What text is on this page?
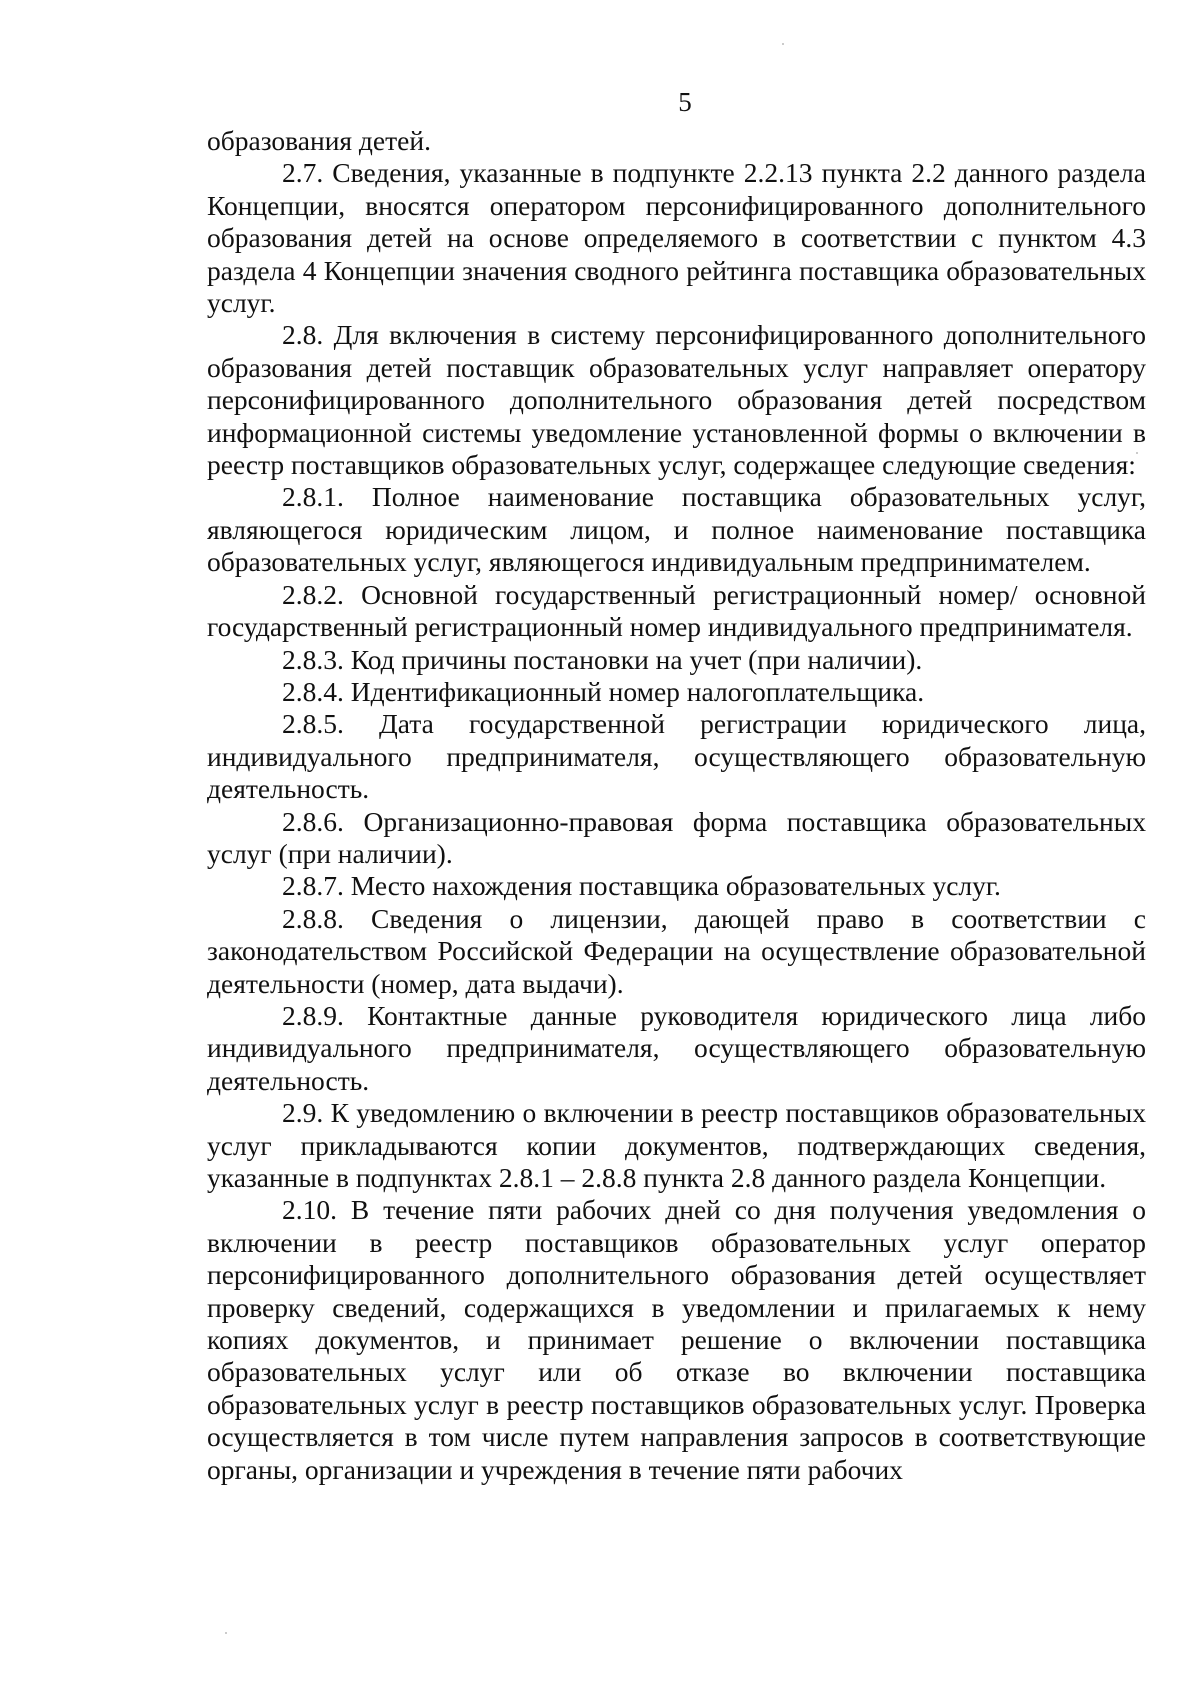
5

образования детей.

2.7. Сведения, указанные в подпункте 2.2.13 пункта 2.2 данного раздела Концепции, вносятся оператором персонифицированного дополнительного образования детей на основе определяемого в соответствии с пунктом 4.3 раздела 4 Концепции значения сводного рейтинга поставщика образовательных услуг.

2.8. Для включения в систему персонифицированного дополнительного образования детей поставщик образовательных услуг направляет оператору персонифицированного дополнительного образования детей посредством информационной системы уведомление установленной формы о включении в реестр поставщиков образовательных услуг, содержащее следующие сведения:

2.8.1. Полное наименование поставщика образовательных услуг, являющегося юридическим лицом, и полное наименование поставщика образовательных услуг, являющегося индивидуальным предпринимателем.

2.8.2. Основной государственный регистрационный номер/ основной государственный регистрационный номер индивидуального предпринимателя.

2.8.3. Код причины постановки на учет (при наличии).

2.8.4. Идентификационный номер налогоплательщика.

2.8.5. Дата государственной регистрации юридического лица, индивидуального предпринимателя, осуществляющего образовательную деятельность.

2.8.6. Организационно-правовая форма поставщика образовательных услуг (при наличии).

2.8.7. Место нахождения поставщика образовательных услуг.

2.8.8. Сведения о лицензии, дающей право в соответствии с законодательством Российской Федерации на осуществление образовательной деятельности (номер, дата выдачи).

2.8.9. Контактные данные руководителя юридического лица либо индивидуального предпринимателя, осуществляющего образовательную деятельность.

2.9. К уведомлению о включении в реестр поставщиков образовательных услуг прикладываются копии документов, подтверждающих сведения, указанные в подпунктах 2.8.1 – 2.8.8 пункта 2.8 данного раздела Концепции.

2.10. В течение пяти рабочих дней со дня получения уведомления о включении в реестр поставщиков образовательных услуг оператор персонифицированного дополнительного образования детей осуществляет проверку сведений, содержащихся в уведомлении и прилагаемых к нему копиях документов, и принимает решение о включении поставщика образовательных услуг или об отказе во включении поставщика образовательных услуг в реестр поставщиков образовательных услуг. Проверка осуществляется в том числе путем направления запросов в соответствующие органы, организации и учреждения в течение пяти рабочих
